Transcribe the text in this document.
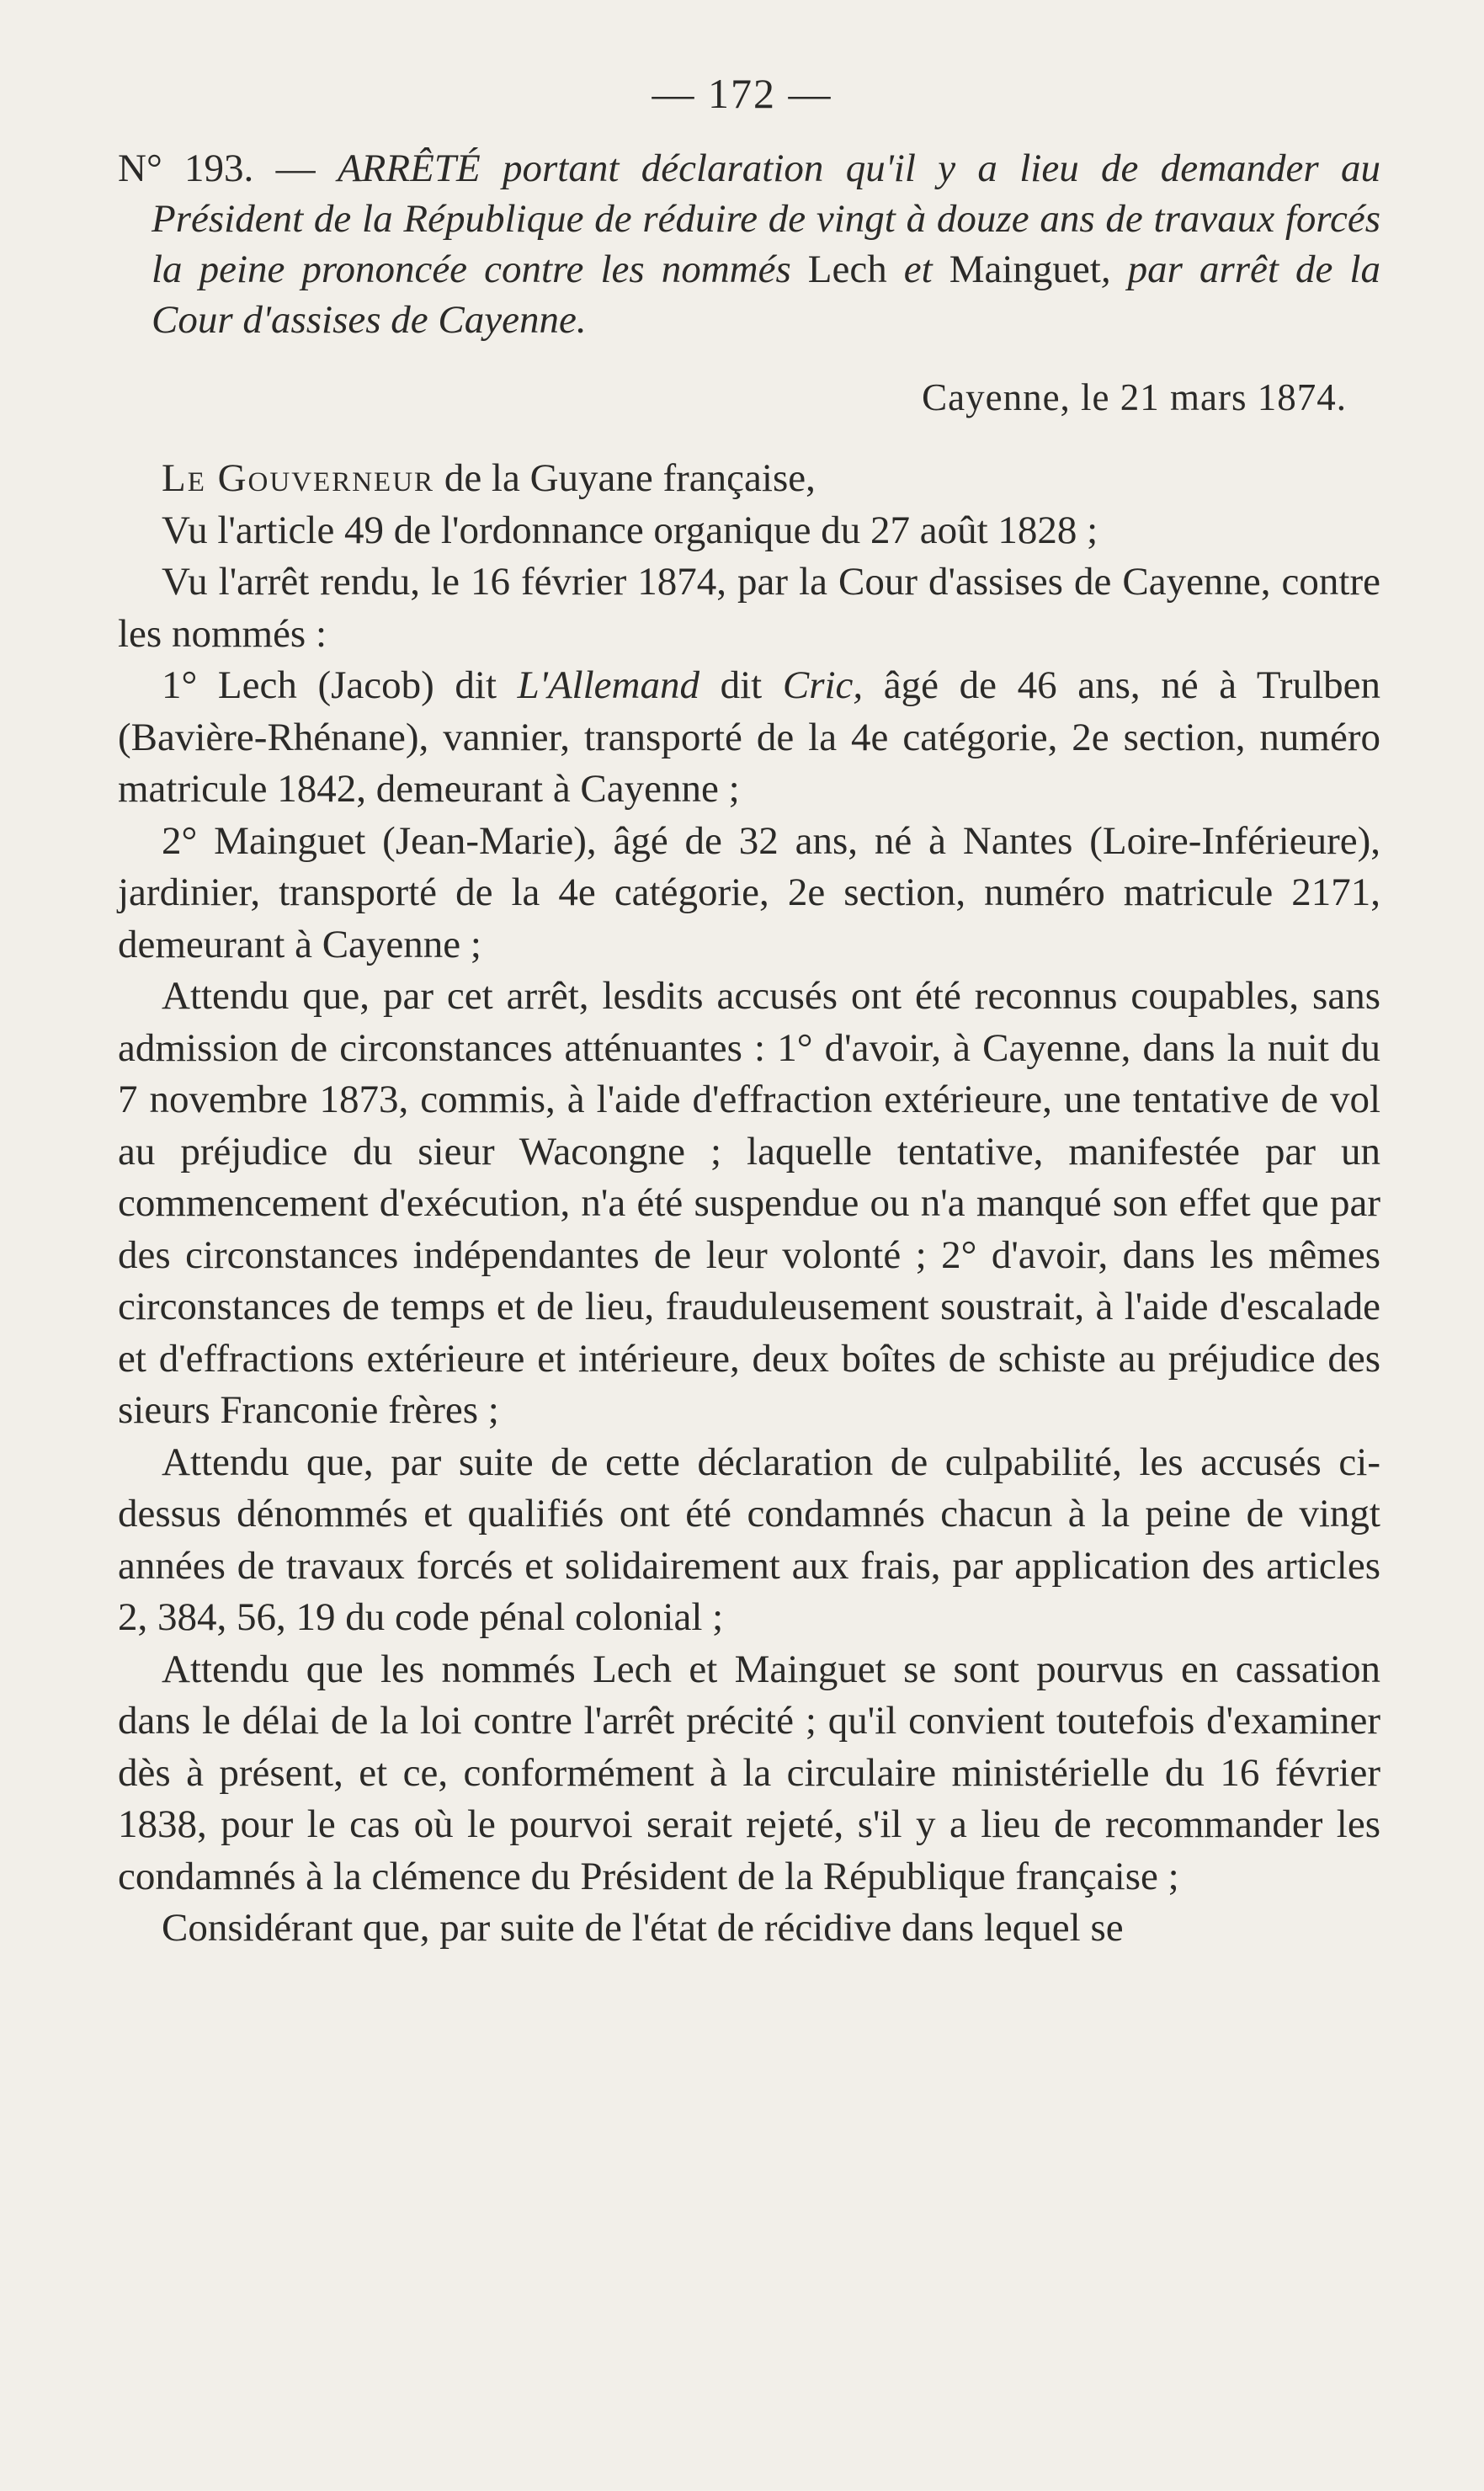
— 172 —

N° 193. — ARRÊTÉ portant déclaration qu'il y a lieu de demander au Président de la République de réduire de vingt à douze ans de travaux forcés la peine prononcée contre les nommés Lech et Mainguet, par arrêt de la Cour d'assises de Cayenne.

Cayenne, le 21 mars 1874.

Le Gouverneur de la Guyane française,

Vu l'article 49 de l'ordonnance organique du 27 août 1828 ;

Vu l'arrêt rendu, le 16 février 1874, par la Cour d'assises de Cayenne, contre les nommés :

1° Lech (Jacob) dit L'Allemand dit Cric, âgé de 46 ans, né à Trulben (Bavière-Rhénane), vannier, transporté de la 4e catégorie, 2e section, numéro matricule 1842, demeurant à Cayenne ;

2° Mainguet (Jean-Marie), âgé de 32 ans, né à Nantes (Loire-Inférieure), jardinier, transporté de la 4e catégorie, 2e section, numéro matricule 2171, demeurant à Cayenne ;

Attendu que, par cet arrêt, lesdits accusés ont été reconnus coupables, sans admission de circonstances atténuantes : 1° d'avoir, à Cayenne, dans la nuit du 7 novembre 1873, commis, à l'aide d'effraction extérieure, une tentative de vol au préjudice du sieur Wacongne ; laquelle tentative, manifestée par un commencement d'exécution, n'a été suspendue ou n'a manqué son effet que par des circonstances indépendantes de leur volonté ; 2° d'avoir, dans les mêmes circonstances de temps et de lieu, frauduleusement soustrait, à l'aide d'escalade et d'effractions extérieure et intérieure, deux boîtes de schiste au préjudice des sieurs Franconie frères ;

Attendu que, par suite de cette déclaration de culpabilité, les accusés ci-dessus dénommés et qualifiés ont été condamnés chacun à la peine de vingt années de travaux forcés et solidairement aux frais, par application des articles 2, 384, 56, 19 du code pénal colonial ;

Attendu que les nommés Lech et Mainguet se sont pourvus en cassation dans le délai de la loi contre l'arrêt précité ; qu'il convient toutefois d'examiner dès à présent, et ce, conformément à la circulaire ministérielle du 16 février 1838, pour le cas où le pourvoi serait rejeté, s'il y a lieu de recommander les condamnés à la clémence du Président de la République française ;

Considérant que, par suite de l'état de récidive dans lequel se
